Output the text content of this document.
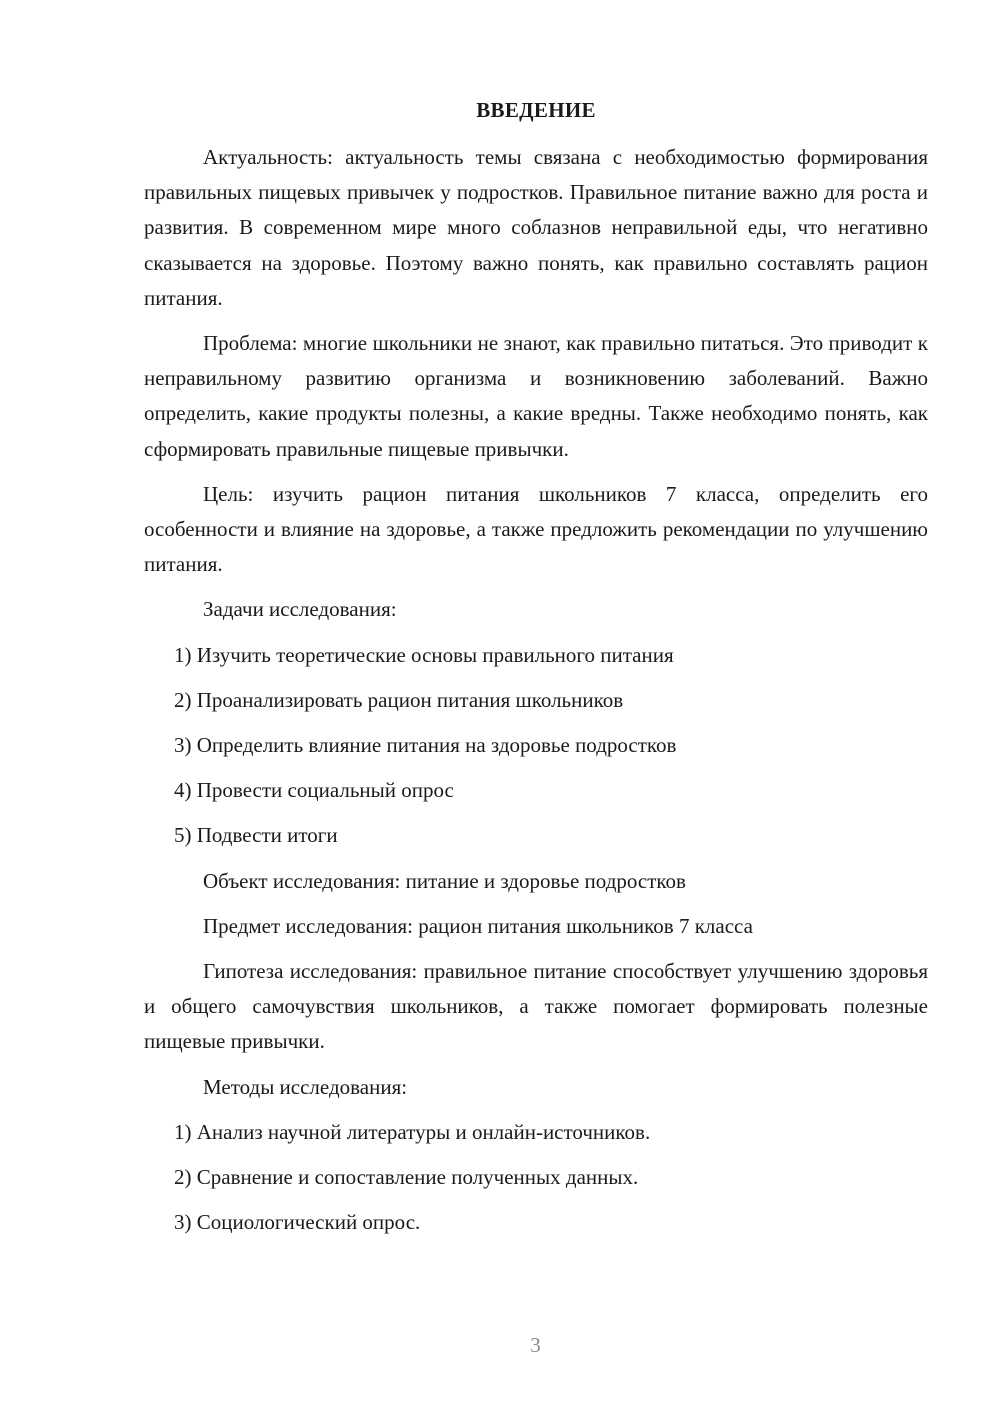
ВВЕДЕНИЕ

Актуальность: актуальность темы связана с необходимостью формирования правильных пищевых привычек у подростков. Правильное питание важно для роста и развития. В современном мире много соблазнов неправильной еды, что негативно сказывается на здоровье. Поэтому важно понять, как правильно составлять рацион питания.

Проблема: многие школьники не знают, как правильно питаться. Это приводит к неправильному развитию организма и возникновению заболеваний. Важно определить, какие продукты полезны, а какие вредны. Также необходимо понять, как сформировать правильные пищевые привычки.

Цель: изучить рацион питания школьников 7 класса, определить его особенности и влияние на здоровье, а также предложить рекомендации по улучшению питания.

Задачи исследования:
1) Изучить теоретические основы правильного питания
2) Проанализировать рацион питания школьников
3) Определить влияние питания на здоровье подростков
4) Провести социальный опрос
5) Подвести итоги
Объект исследования: питание и здоровье подростков
Предмет исследования: рацион питания школьников 7 класса

Гипотеза исследования: правильное питание способствует улучшению здоровья и общего самочувствия школьников, а также помогает формировать полезные пищевые привычки.

Методы исследования:
1) Анализ научной литературы и онлайн-источников.
2) Сравнение и сопоставление полученных данных.
3) Социологический опрос.
3
